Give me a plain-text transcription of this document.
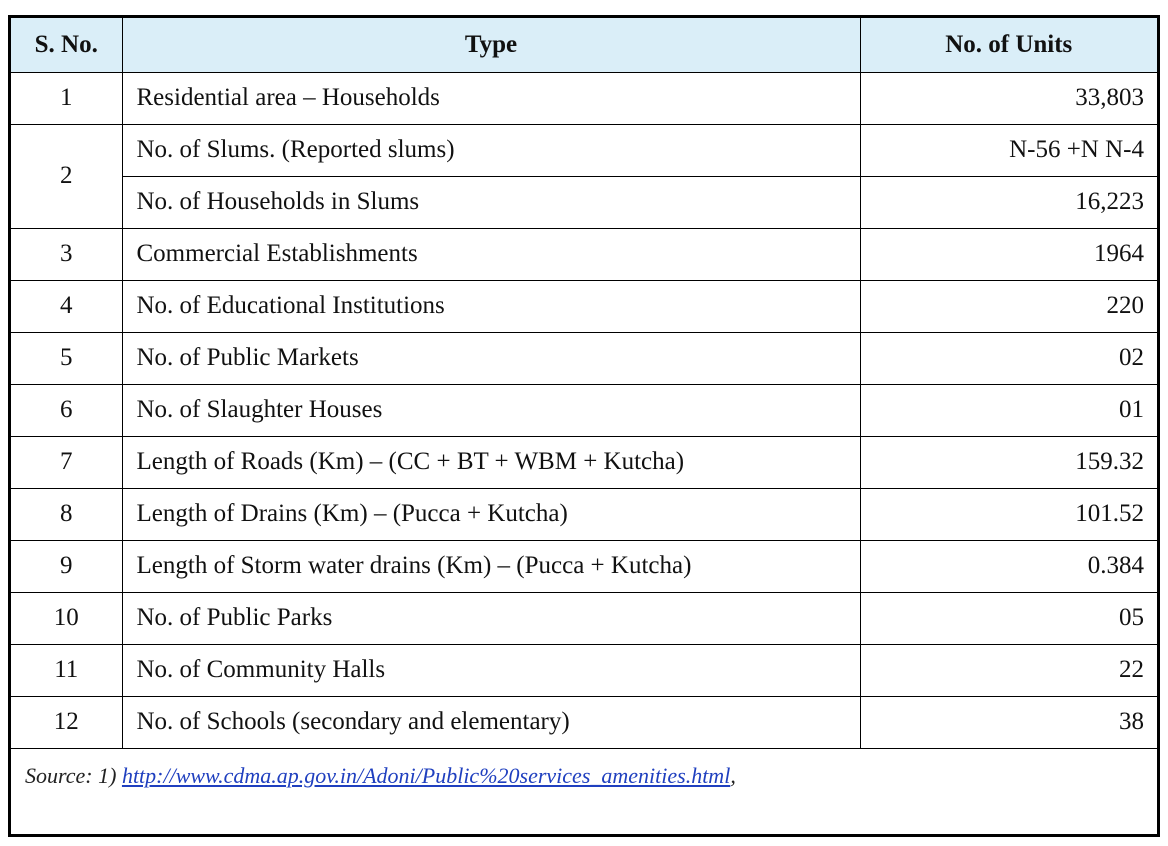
S. No.	Type	No. of Units
1	Residential area – Households	33,803
2	No. of Slums. (Reported slums)	N-56 +N N-4
	No. of Households in Slums	16,223
3	Commercial Establishments	1964
4	No. of Educational Institutions	220
5	No. of Public Markets	02
6	No. of Slaughter Houses	01
7	Length of Roads (Km) – (CC + BT + WBM + Kutcha)	159.32
8	Length of Drains (Km) – (Pucca + Kutcha)	101.52
9	Length of Storm water drains (Km) – (Pucca + Kutcha)	0.384
10	No. of Public Parks	05
11	No. of Community Halls	22
12	No. of Schools (secondary and elementary)	38
Source: 1) http://www.cdma.ap.gov.in/Adoni/Public%20services_amenities.html,		
